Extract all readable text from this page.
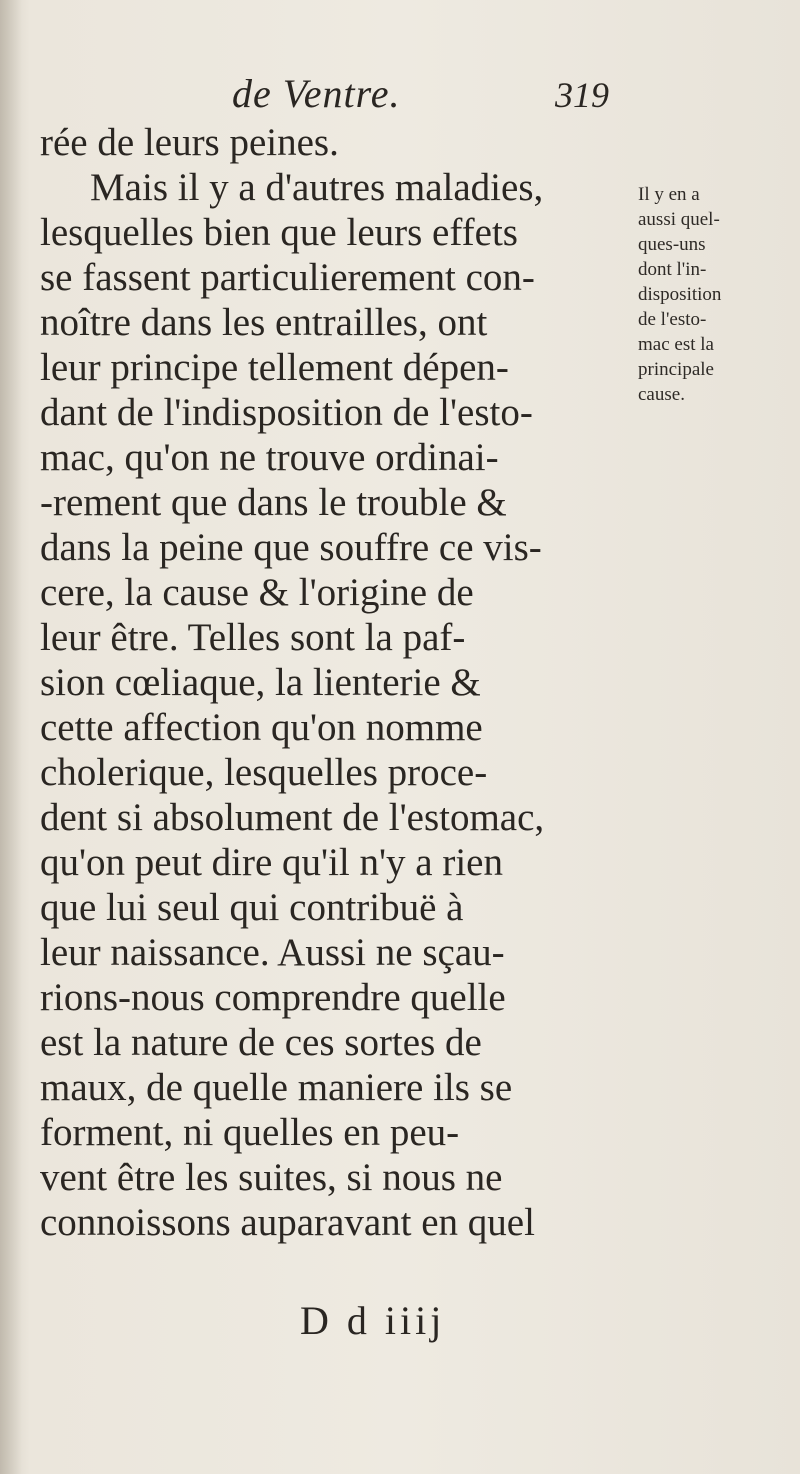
de Ventre.	319
rée de leurs peines.
Mais il y a d'autres maladies,
lesquelles bien que leurs effets
se fassent particulierement con-
noître dans les entrailles, ont
leur principe tellement dépen-
dant de l'indisposition de l'esto-
mac, qu'on ne trouve ordinai-
-rement que dans le trouble &
dans la peine que souffre ce vis-
cere, la cause & l'origine de
leur être. Telles sont la paf-
sion cœliaque, la lienterie &
cette affection qu'on nomme
cholerique, lesquelles proce-
dent si absolument de l'estomac,
qu'on peut dire qu'il n'y a rien
que lui seul qui contribuë à
leur naissance. Aussi ne sçau-
rions-nous comprendre quelle
est la nature de ces sortes de
maux, de quelle maniere ils se
forment, ni quelles en peu-
vent être les suites, si nous ne
connoissons auparavant en quel
Il y en a
aussi quel-
ques-uns
dont l'in-
disposition
de l'esto-
mac est la
principale
cause.
D d iiij
